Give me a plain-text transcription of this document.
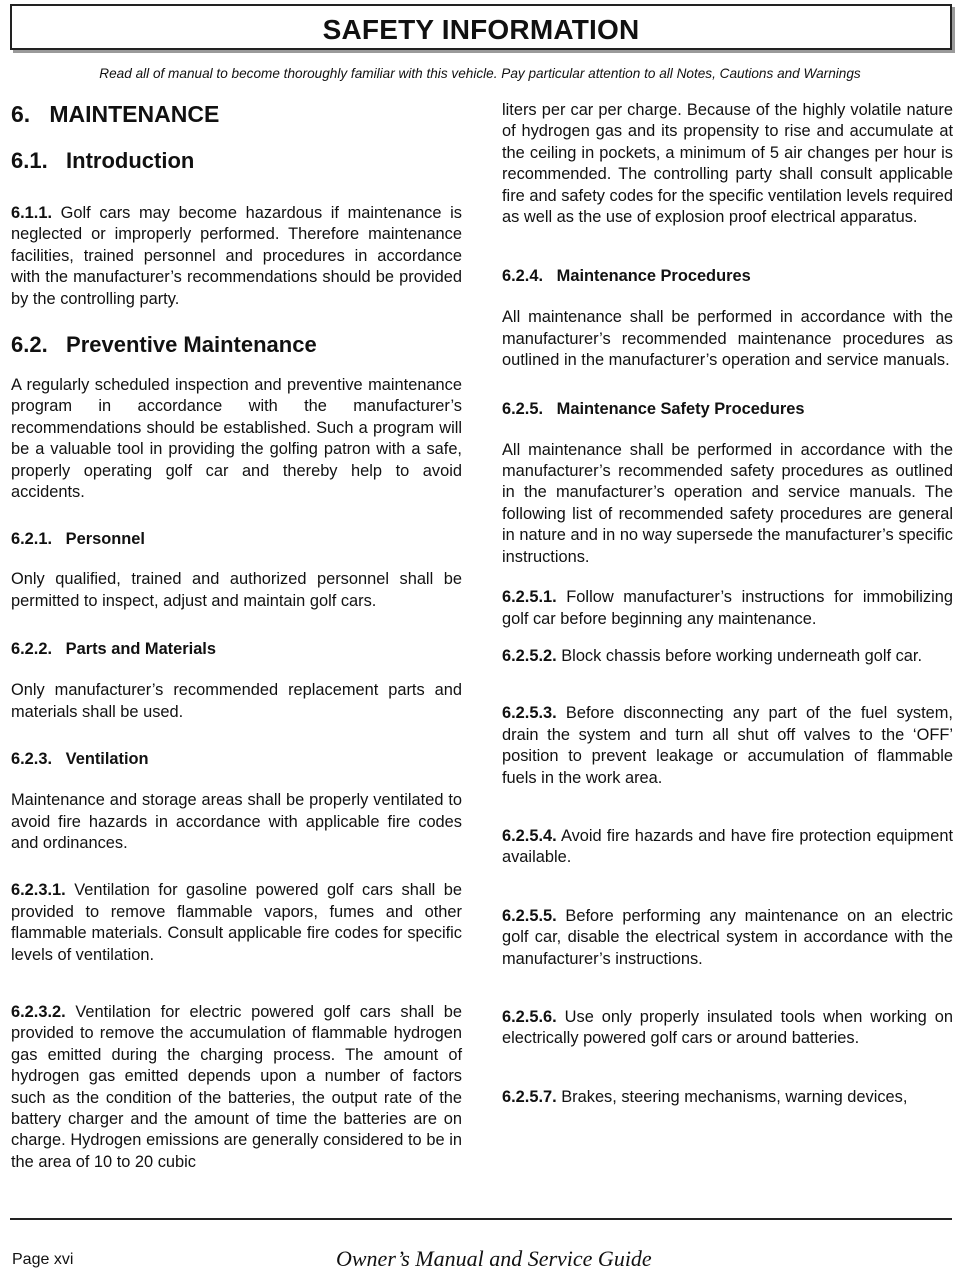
SAFETY INFORMATION
Read all of manual to become thoroughly familiar with this vehicle. Pay particular attention to all Notes, Cautions and Warnings
6.   MAINTENANCE
6.1.   Introduction
6.1.1. Golf cars may become hazardous if maintenance is neglected or improperly performed. Therefore maintenance facilities, trained personnel and procedures in accordance with the manufacturer’s recommendations should be provided by the controlling party.
6.2.   Preventive Maintenance
A regularly scheduled inspection and preventive maintenance program in accordance with the manufacturer’s recommendations should be established. Such a program will be a valuable tool in providing the golfing patron with a safe, properly operating golf car and thereby help to avoid accidents.
6.2.1.   Personnel
Only qualified, trained and authorized personnel shall be permitted to inspect, adjust and maintain golf cars.
6.2.2.   Parts and Materials
Only manufacturer’s recommended replacement parts and materials shall be used.
6.2.3.   Ventilation
Maintenance and storage areas shall be properly ventilated to avoid fire hazards in accordance with applicable fire codes and ordinances.
6.2.3.1. Ventilation for gasoline powered golf cars shall be provided to remove flammable vapors, fumes and other flammable materials. Consult applicable fire codes for specific levels of ventilation.
6.2.3.2. Ventilation for electric powered golf cars shall be provided to remove the accumulation of flammable hydrogen gas emitted during the charging process. The amount of hydrogen gas emitted depends upon a number of factors such as the condition of the batteries, the output rate of the battery charger and the amount of time the batteries are on charge. Hydrogen emissions are generally considered to be in the area of 10 to 20 cubic
liters per car per charge. Because of the highly volatile nature of hydrogen gas and its propensity to rise and accumulate at the ceiling in pockets, a minimum of 5 air changes per hour is recommended. The controlling party shall consult applicable fire and safety codes for the specific ventilation levels required as well as the use of explosion proof electrical apparatus.
6.2.4.   Maintenance Procedures
All maintenance shall be performed in accordance with the manufacturer’s recommended maintenance procedures as outlined in the manufacturer’s operation and service manuals.
6.2.5.   Maintenance Safety Procedures
All maintenance shall be performed in accordance with the manufacturer’s recommended safety procedures as outlined in the manufacturer’s operation and service manuals. The following list of recommended safety procedures are general in nature and in no way supersede the manufacturer’s specific instructions.
6.2.5.1. Follow manufacturer’s instructions for immobilizing golf car before beginning any maintenance.
6.2.5.2. Block chassis before working underneath golf car.
6.2.5.3. Before disconnecting any part of the fuel system, drain the system and turn all shut off valves to the ‘OFF’ position to prevent leakage or accumulation of flammable fuels in the work area.
6.2.5.4. Avoid fire hazards and have fire protection equipment available.
6.2.5.5. Before performing any maintenance on an electric golf car, disable the electrical system in accordance with the manufacturer’s instructions.
6.2.5.6. Use only properly insulated tools when working on electrically powered golf cars or around batteries.
6.2.5.7. Brakes, steering mechanisms, warning devices,
Page xvi	Owner’s Manual and Service Guide
